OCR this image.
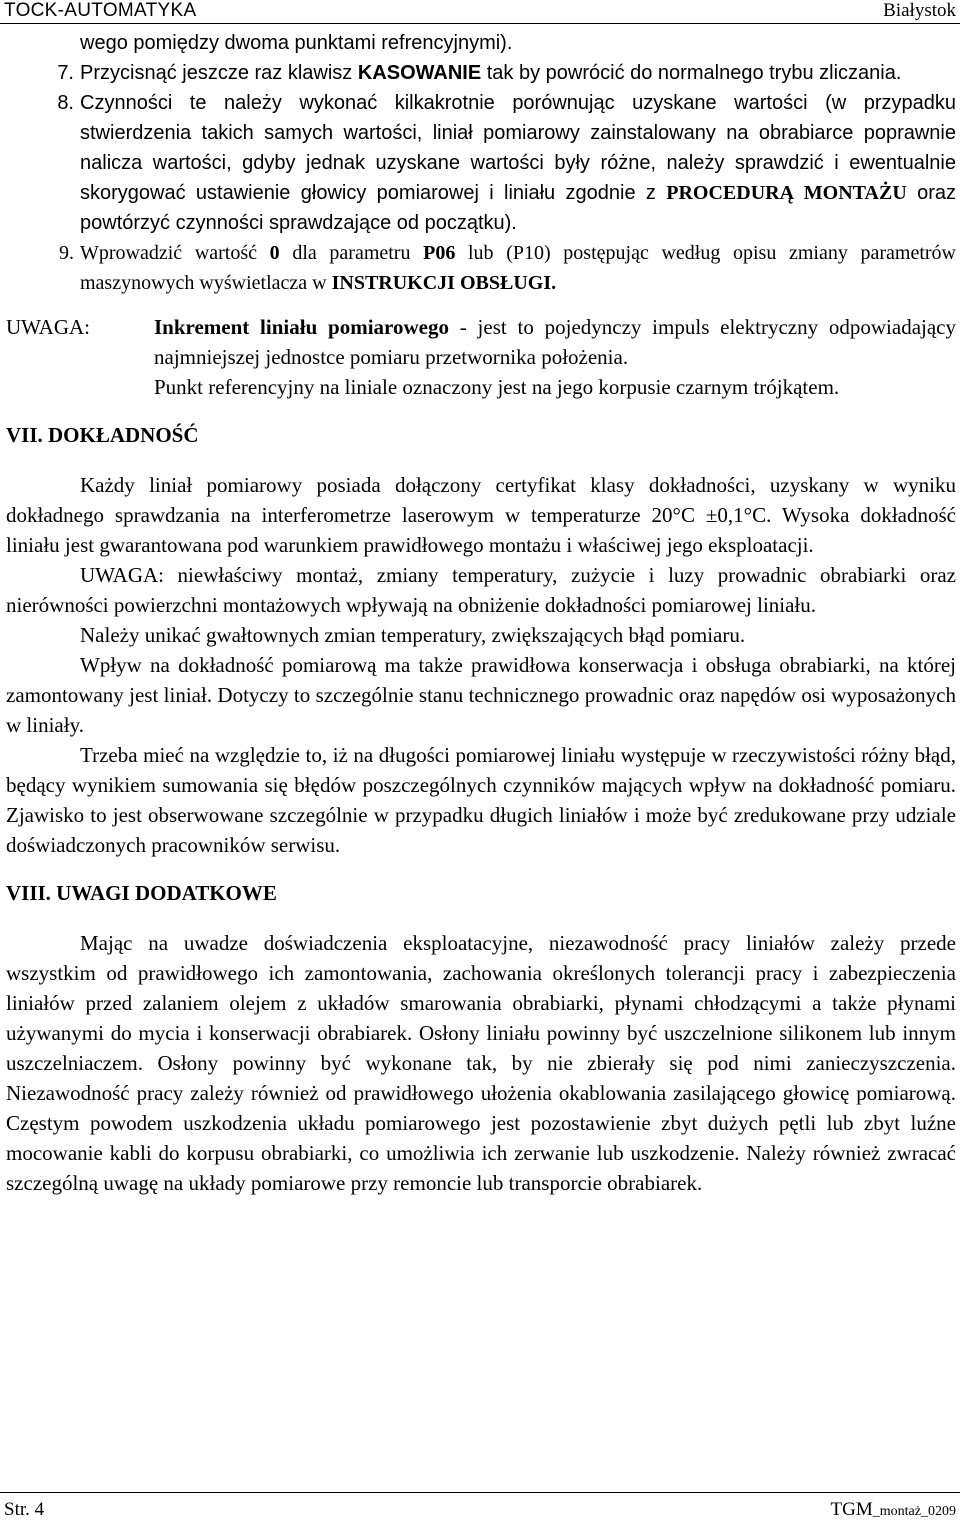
TOCK-AUTOMATYKA	Białystok
wego pomiędzy dwoma punktami refrencyjnymi).
7. Przycisnąć jeszcze raz klawisz KASOWANIE tak by powrócić do normalnego trybu zliczania.
8. Czynności te należy wykonać kilkakrotnie porównując uzyskane wartości (w przypadku stwierdzenia takich samych wartości, liniał pomiarowy zainstalowany na obrabiarce poprawnie nalicza wartości, gdyby jednak uzyskane wartości były różne, należy sprawdzić i ewentualnie skorygować ustawienie głowicy pomiarowej i liniału zgodnie z PROCEDURĄ MONTAŻU oraz powtórzyć czynności sprawdzające od początku).
9. Wprowadzić wartość 0 dla parametru P06 lub (P10) postępując według opisu zmiany parametrów maszynowych wyświetlacza w INSTRUKCJI OBSŁUGI.
UWAGA:	Inkrement liniału pomiarowego - jest to pojedynczy impuls elektryczny odpowiadający najmniejszej jednostce pomiaru przetwornika położenia.
Punkt referencyjny na liniale oznaczony jest na jego korpusie czarnym trójkątem.
VII. DOKŁADNOŚĆ

Każdy liniał pomiarowy posiada dołączony certyfikat klasy dokładności, uzyskany w wyniku dokładnego sprawdzania na interferometrze laserowym w temperaturze 20°C ±0,1°C. Wysoka dokładność liniału jest gwarantowana pod warunkiem prawidłowego montażu i właściwej jego eksploatacji.

UWAGA: niewłaściwy montaż, zmiany temperatury, zużycie i luzy prowadnic obrabiarki oraz nierówności powierzchni montażowych wpływają na obniżenie dokładności pomiarowej liniału.

Należy unikać gwałtownych zmian temperatury, zwiększających błąd pomiaru.

Wpływ na dokładność pomiarową ma także prawidłowa konserwacja i obsługa obrabiarki, na której zamontowany jest liniał. Dotyczy to szczególnie stanu technicznego prowadnic oraz napędów osi wyposażonych w liniały.

Trzeba mieć na względzie to, iż na długości pomiarowej liniału występuje w rzeczywistości różny błąd, będący wynikiem sumowania się błędów poszczególnych czynników mających wpływ na dokładność pomiaru. Zjawisko to jest obserwowane szczególnie w przypadku długich liniałów i może być zredukowane przy udziale doświadczonych pracowników serwisu.

VIII. UWAGI DODATKOWE

Mając na uwadze doświadczenia eksploatacyjne, niezawodność pracy liniałów zależy przede wszystkim od prawidłowego ich zamontowania, zachowania określonych tolerancji pracy i zabezpieczenia liniałów przed zalaniem olejem z układów smarowania obrabiarki, płynami chłodzącymi a także płynami używanymi do mycia i konserwacji obrabiarek. Osłony liniału powinny być uszczelnione silikonem lub innym uszczelniaczem. Osłony powinny być wykonane tak, by nie zbierały się pod nimi zanieczyszczenia. Niezawodność pracy zależy również od prawidłowego ułożenia okablowania zasilającego głowicę pomiarową. Częstym powodem uszkodzenia układu pomiarowego jest pozostawienie zbyt dużych pętli lub zbyt luźne mocowanie kabli do korpusu obrabiarki, co umożliwia ich zerwanie lub uszkodzenie. Należy również zwracać szczególną uwagę na układy pomiarowe przy remoncie lub transporcie obrabiarek.

Str. 4	TGM_montaż_0209
